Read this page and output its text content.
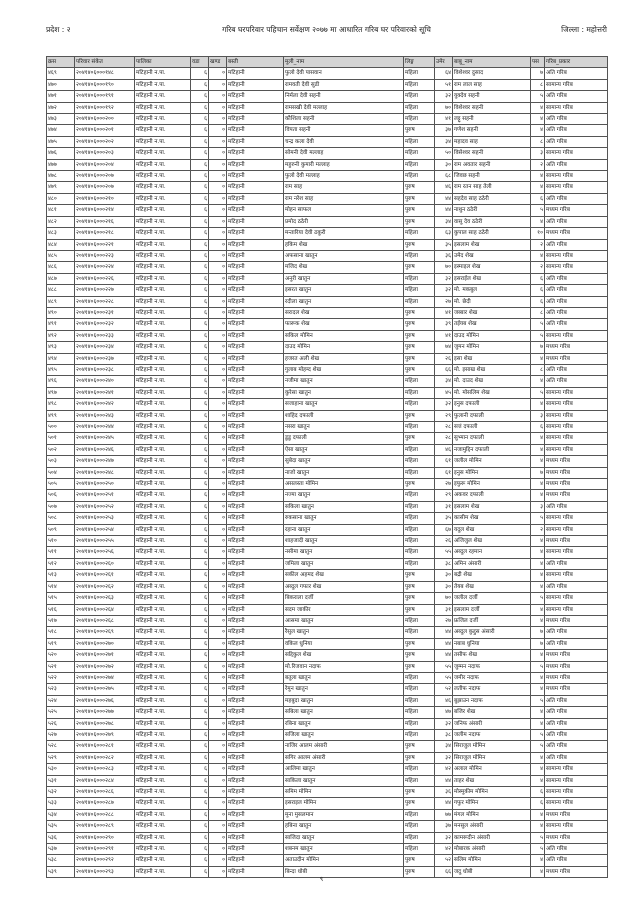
प्रदेश : २	गरिब घरपरिवार पहिचान सर्वेक्षण २०७७ मा आधारित गरिब घर परिवारको सूचि	जिल्ला : महोत्तरी
क्रस	परिवार संकेत	पालिका	वडा	खण्ड	बस्ती	मुली_नाम	लिङ्ग	उमेर	बाबु_नाम	पस	गरिब_प्रकार
४६९	२०४१४०६०००१४८	मटिहानी न.पा.	६	०	मटिहानी	फुलो देवी पासवान	महिला	६४	विशेश्वर दुसाद	७	अति गरिब
४७०	२०४१४०६०००१९०	मटिहानी न.पा.	६	०	मटिहानी	रामवती देवी सुडी	महिला	५१	राम लाल साह	८	सामान्य गरिब
४७१	२०४१४०६०००१९१	मटिहानी न.पा.	६	०	मटिहानी	निर्मला देवी सहनी	महिला	३२	युक्देव सहनी	५	अति गरिब
४७२	२०४१४०६०००१९२	मटिहानी न.पा.	६	०	मटिहानी	रामसखी देवी मल्लाह	महिला	७०	विशेश्वर सहनी	४	सामान्य गरिब
४७३	२०४१४०६०००२००	मटिहानी न.पा.	६	०	मटिहानी	कौशिला सहनी	महिला	४१	लट्टु सहनी	४	अति गरिब
४७४	२०४१४०६०००२०१	मटिहानी न.पा.	६	०	मटिहानी	विपता सहनी	पुरुष	३७	गणेश सहनी	४	अति गरिब
४७५	२०४१४०६०००२०२	मटिहानी न.पा.	६	०	मटिहानी	चन्द्र कला देवी	महिला	३४	महादव साह	८	अति गरिब
४७६	२०४१४०६०००२०३	मटिहानी न.पा.	६	०	मटिहानी	सोमनी देवी मल्लाह	महिला	५०	विसेश्वर सहनी	३	सामान्य गरिब
४७७	२०४१४०६०००२०४	मटिहानी न.पा.	६	०	मटिहानी	महुरुनी कुमारी मल्लाह	महिला	३०	राम अवतार सहनी	२	अति गरिब
४७८	२०४१४०६०००२०७	मटिहानी न.पा.	६	०	मटिहानी	फुलो देवी मल्लाह	महिला	६८	जिवछ सहनी	४	सामान्य गरिब
४७९	२०४१४०६०००२०७	मटिहानी न.पा.	६	०	मटिहानी	राम साह	पुरुष	४६	राम रतन साह तेली	४	सामान्य गरिब
४८०	२०४१४०६०००२१०	मटिहानी न.पा.	६	०	मटिहानी	राम नरेश साह	पुरुष	४४	सहदेव साह ठठेरी	६	अति गरिब
४८१	२०४१४०६०००२१४	मटिहानी न.पा.	६	०	मटिहानी	मोहन साफल	पुरुष	४४	नाथुन ठठेरी	५	मध्यम गरिब
४८२	२०४१४०६०००२१६	मटिहानी न.पा.	६	०	मटिहानी	प्रमोद ठठेरी	पुरुष	३४	वासु देव ठठेरी	४	अति गरिब
४८३	२०४१४०६०००२१८	मटिहानी न.पा.	६	०	मटिहानी	मन्तारिया देवी ठकुरी	महिला	६३	कुपाल साह ठठेरी	१०	मध्यम गरिब
४८४	२०४१४०६०००२२१	मटिहानी न.पा.	६	०	मटिहानी	हकिम शेख	पुरुष	३५	इसलाम शेख	२	अति गरिब
४८५	२०४१४०६०००२२३	मटिहानी न.पा.	६	०	मटिहानी	अफसाना खातुन	महिला	३६	उमेद शेख	४	सामान्य गरिब
४८६	२०४१४०६०००२२४	मटिहानी न.पा.	६	०	मटिहानी	मजिद शेख	पुरुष	७०	इस्माइल शेख	२	सामान्य गरिब
४८७	२०४१४०६०००२२६	मटिहानी न.पा.	६	०	मटिहानी	अनुरी खातुन	महिला	३२	इसराईल शेख	६	अति गरिब
४८८	२०४१४०६०००२२७	मटिहानी न.पा.	६	०	मटिहानी	इसरत खातुन	महिला	३२	मो. मकबुल	६	अति गरिब
४८९	२०४१४०६०००२२८	मटिहानी न.पा.	६	०	मटिहानी	रदीला खातुन	महिला	२७	मो. छेदी	६	अति गरिब
४९०	२०४१४०६०००२३१	मटिहानी न.पा.	६	०	मटिहानी	सरादल शेख	पुरुष	४१	जब्बार शेख	८	अति गरिब
४९१	२०४१४०६०००२३२	मटिहानी न.पा.	६	०	मटिहानी	फारूक शेख	पुरुष	३९	तईयब शेख	५	अति गरिब
४९२	२०४१४०६०००२३३	मटिहानी न.पा.	६	०	मटिहानी	सकिल मोमिन	पुरुष	४१	दाउद मोमिन	५	सामान्य गरिब
४९३	२०४१४०६०००२३४	मटिहानी न.पा.	६	०	मटिहानी	दाउद मोमिन	पुरुष	७४	जुमन मोमिन	७	मध्यम गरिब
४९४	२०४१४०६०००२३७	मटिहानी न.पा.	६	०	मटिहानी	हजरत अली शेख	पुरुष	२६	इसा शेख	४	मध्यम गरिब
४९५	२०४१४०६०००२३८	मटिहानी न.पा.	६	०	मटिहानी	गुलाब मोहम्द शेख	पुरुष	६६	मो. इसाख शेख	८	अति गरिब
४९६	२०४१४०६०००२४०	मटिहानी न.पा.	६	०	मटिहानी	नजीमा खातुन	महिला	३४	मो. दाउद शेख	४	अति गरिब
४९७	२०४१४०६०००२४१	मटिहानी न.पा.	६	०	मटिहानी	कुरेसा खातुन	महिला	४५	मो. मोसलिम शेख	५	सामान्य गरिब
४९८	२०४१४०६०००२४२	मटिहानी न.पा.	६	०	मटिहानी	सजाहाना खातुन	महिला	३२	इनुस दफाली	४	सामान्य गरिब
४९९	२०४१४०६०००२४३	मटिहानी न.पा.	६	०	मटिहानी	शाहिद दफाली	पुरुष	२९	फुलानी दफाली	३	सामान्य गरिब
५००	२०४१४०६०००२४४	मटिहानी न.पा.	६	०	मटिहानी	नसरा खातुन	महिला	२८	सत्तं दफाली	६	सामान्य गरिब
५०१	२०४१४०६०००२४५	मटिहानी न.पा.	६	०	मटिहानी	डुडु दफाली	पुरुष	२८	सुभ्मान दफाली	४	सामान्य गरिब
५०२	२०४१४०६०००२४६	मटिहानी न.पा.	६	०	मटिहानी	ऐसा खातुन	महिला	४६	नजामुद्दिन दफाली	४	सामान्य गरिब
५०३	२०४१४०६०००२४७	मटिहानी न.पा.	६	०	मटिहानी	सुबेदा खातुन	महिला	६१	जलील मोमिन	४	मध्यम गरिब
५०४	२०४१४०६०००२४८	मटिहानी न.पा.	६	०	मटिहानी	नाजो खातुन	महिला	६१	इनुस मोमिन	७	मध्यम गरिब
५०५	२०४१४०६०००२५०	मटिहानी न.पा.	६	०	मटिहानी	असलस्ता मोमिन	पुरुष	२७	इफुरू मोमिन	४	मध्यम गरिब
५०६	२०४१४०६०००२५१	मटिहानी न.पा.	६	०	मटिहानी	नज्मा खातुन	महिला	२९	अकवर दफाली	४	मध्यम गरिब
५०७	२०४१४०६०००२५२	मटिहानी न.पा.	६	०	मटिहानी	सकिला खातुन	महिला	३१	इसलाम शेख	३	अति गरिब
५०८	२०४१४०६०००२५३	मटिहानी न.पा.	६	०	मटिहानी	रुकसाना खातुन	महिला	३५	कासीम शेख	५	सामान्य गरिब
५०९	२०४१४०६०००२५४	मटिहानी न.पा.	६	०	मटिहानी	रहाना खातुन	महिला	६७	यदुल शेख	२	सामान्य गरिब
५१०	२०४१४०६०००२५५	मटिहानी न.पा.	६	०	मटिहानी	शाहजादी खातुन	महिला	२६	अजिजुल शेख	४	मध्यम गरिब
५११	२०४१४०६०००२५६	मटिहानी न.पा.	६	०	मटिहानी	नसीमा खातुन	महिला	५५	अब्दुल रहमान	४	सामान्य गरिब
५१२	२०४१४०६०००२६०	मटिहानी न.पा.	६	०	मटिहानी	जमिला खातुन	महिला	३८	अमिन अंसारी	४	अति गरिब
५१३	२०४१४०६०००२६१	मटिहानी न.पा.	६	०	मटिहानी	सकील अहमद शेख	पुरुष	३०	बद्री शेख	४	सामान्य गरिब
५१४	२०४१४०६०००२६२	मटिहानी न.पा.	६	०	मटिहानी	अब्दुल गफार शेख	पुरुष	३०	तेयब शेख	४	अति गरिब
५१५	२०४१४०६०००२६३	मटिहानी न.पा.	६	०	मटिहानी	बिकराला दर्जी	पुरुष	७०	जलील दर्जी	५	सामान्य गरिब
५१६	२०४१४०६०००२६४	मटिहानी न.पा.	६	०	मटिहानी	सदम जाकीर	पुरुष	३१	इसलाम दर्जी	४	सामान्य गरिब
५१७	२०४१४०६०००२६८	मटिहानी न.पा.	६	०	मटिहानी	आसमा खातुन	महिला	२७	फ्रजिल दर्जी	४	मध्यम गरिब
५१८	२०४१४०६०००२६९	मटिहानी न.पा.	६	०	मटिहानी	रैसुल खातुन	महिला	४४	अब्दुल कुद्दुस अंसारी	७	अति गरिब
५१९	२०४१४०६०००२७०	मटिहानी न.पा.	६	०	मटिहानी	वकिल धुनिया	पुरुष	४४	नबाब धुनिया	७	अति गरिब
५२०	२०४१४०६०००२७१	मटिहानी न.पा.	६	०	मटिहानी	सद्दिकुल शेख	पुरुष	४४	तसीफ शेख	४	मध्यम गरिब
५२१	२०४१४०६०००२७२	मटिहानी न.पा.	६	०	मटिहानी	मो.रिजवान नदाफ	पुरुष	५५	जुम्मन नदाफ	५	मध्यम गरिब
५२२	२०४१४०६०००२७४	मटिहानी न.पा.	६	०	मटिहानी	बतुला खातुन	महिला	५५	जमीर नदाफ	४	मध्यम गरिब
५२३	२०४१४०६०००२७५	मटिहानी न.पा.	६	०	मटिहानी	रेमुन खातुन	महिला	५२	लतीफ नदाफ	४	मध्यम गरिब
५२४	२०४१४०६०००२७६	मटिहानी न.पा.	६	०	मटिहानी	महबुदा खातुन	महिला	४६	बुझाउन नदाफ	५	अति गरिब
५२५	२०४१४०६०००२७७	मटिहानी न.पा.	६	०	मटिहानी	सबिला खातुन	महिला	४७	बजिर शेख	४	अति गरिब
५२६	२०४१४०६०००२७८	मटिहानी न.पा.	६	०	मटिहानी	रबिना खातुन	महिला	३२	जनिफ अंसारी	४	अति गरिब
५२७	२०४१४०६०००२७९	मटिहानी न.पा.	६	०	मटिहानी	सजिला खातुन	महिला	३८	जलीम नदाफ	५	अति गरिब
५२८	२०४१४०६०००२८१	मटिहानी न.पा.	६	०	मटिहानी	नाजिर आलम अंसारी	पुरुष	३४	सिराजुल मोमिन	५	अति गरिब
५२९	२०४१४०६०००२८२	मटिहानी न.पा.	६	०	मटिहानी	सगिर आलम अंसारी	पुरुष	३२	सिराजुल मोमिन	४	अति गरिब
५३०	२०४१४०६०००२८३	मटिहानी न.पा.	६	०	मटिहानी	आलिमा खातुन	महिला	४२	अलाल मोमिन	४	सामान्य गरिब
५३१	२०४१४०६०००२८४	मटिहानी न.पा.	६	०	मटिहानी	साकिला खातुन	महिला	४४	ताहर शेख	४	सामान्य गरिब
५३२	२०४१४०६०००२८६	मटिहानी न.पा.	६	०	मटिहानी	समिम मोमिन	पुरुष	३६	मोस्मुकीम मोमिन	६	सामान्य गरिब
५३३	२०४१४०६०००२८७	मटिहानी न.पा.	६	०	मटिहानी	इसराइल मोमिन	पुरुष	४४	गफुर मोमिन	६	सामान्य गरिब
५३४	२०४१४०६०००२८८	मटिहानी न.पा.	६	०	मटिहानी	मुना मुसलमान	महिला	७७	मंगल मोमिन	४	मध्यम गरिब
५३५	२०४१४०६०००२८९	मटिहानी न.पा.	६	०	मटिहानी	हबिना खातुन	महिला	३७	मनसुल अंसारी	४	सामान्य गरिब
५३६	२०४१४०६०००२९०	मटिहानी न.पा.	६	०	मटिहानी	साजिदा खातुन	महिला	३२	कामरूदीन अंसारी	५	मध्यम गरिब
५३७	२०४१४०६०००२९१	मटिहानी न.पा.	६	०	मटिहानी	शबनम खातुन	महिला	४२	मोबारक अंसारी	५	अति गरिब
५३८	२०४१४०६०००२९२	मटिहानी न.पा.	६	०	मटिहानी	अताउदीन मोमिन	पुरुष	५२	सलिम मोमिन	४	अति गरिब
५३९	२०४१४०६०००२९३	मटिहानी न.पा.	६	०	मटिहानी	बिन्दा धोबी	पुरुष	६६	जदु धोबी	४	मध्यम गरिब
९
